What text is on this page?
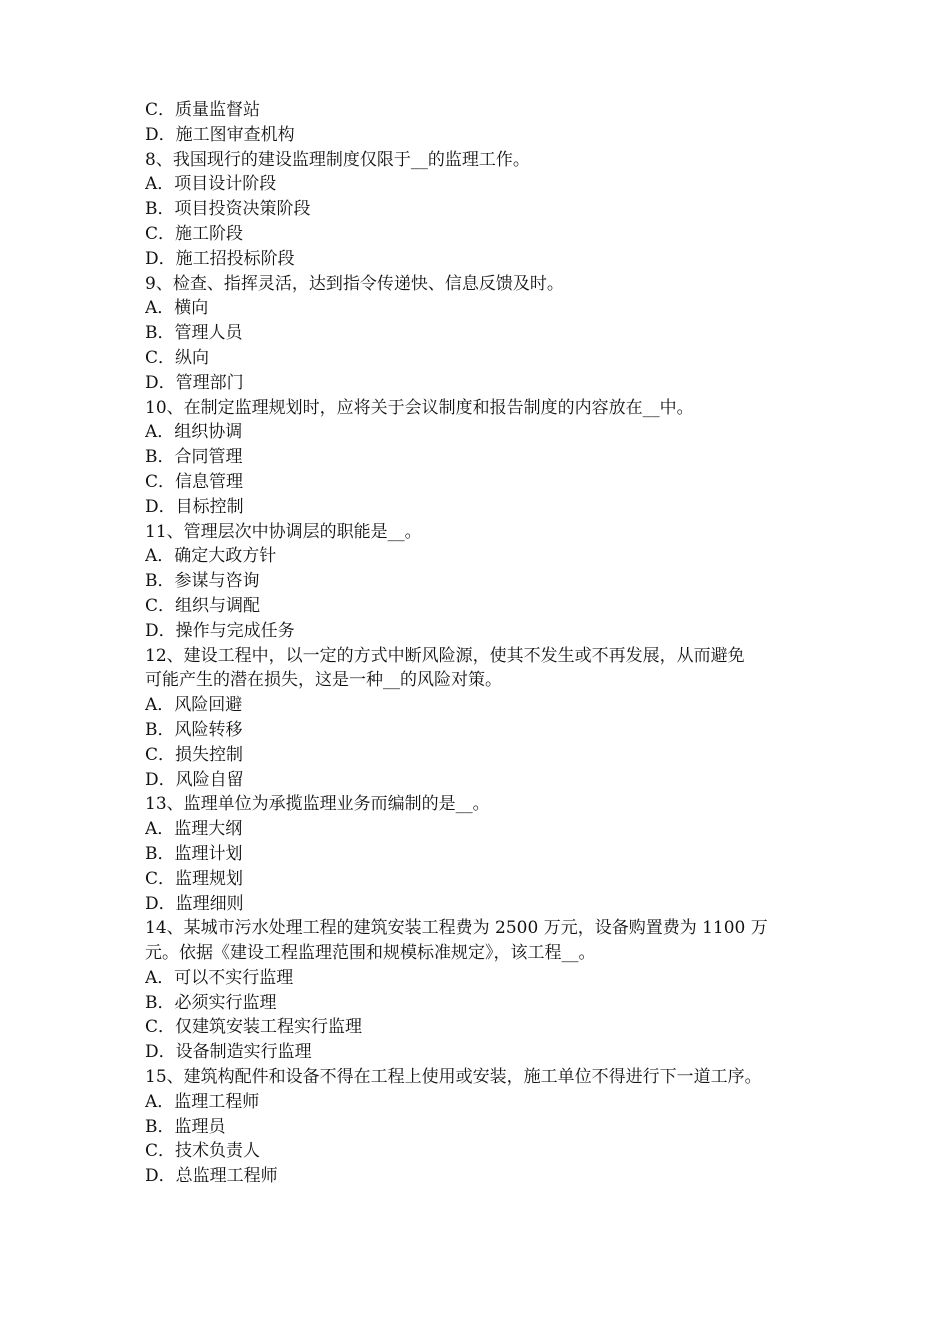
C．质量监督站
D．施工图审查机构
8、我国现行的建设监理制度仅限于__的监理工作。
A．项目设计阶段
B．项目投资决策阶段
C．施工阶段
D．施工招投标阶段
9、检查、指挥灵活，达到指令传递快、信息反馈及时。
A．横向
B．管理人员
C．纵向
D．管理部门
10、在制定监理规划时，应将关于会议制度和报告制度的内容放在__中。
A．组织协调
B．合同管理
C．信息管理
D．目标控制
11、管理层次中协调层的职能是__。
A．确定大政方针
B．参谋与咨询
C．组织与调配
D．操作与完成任务
12、建设工程中，以一定的方式中断风险源，使其不发生或不再发展，从而避免
可能产生的潜在损失，这是一种__的风险对策。
A．风险回避
B．风险转移
C．损失控制
D．风险自留
13、监理单位为承揽监理业务而编制的是__。
A．监理大纲
B．监理计划
C．监理规划
D．监理细则
14、某城市污水处理工程的建筑安装工程费为 2500 万元，设备购置费为 1100 万
元。依据《建设工程监理范围和规模标准规定》，该工程__。
A．可以不实行监理
B．必须实行监理
C．仅建筑安装工程实行监理
D．设备制造实行监理
15、建筑构配件和设备不得在工程上使用或安装，施工单位不得进行下一道工序。
A．监理工程师
B．监理员
C．技术负责人
D．总监理工程师
